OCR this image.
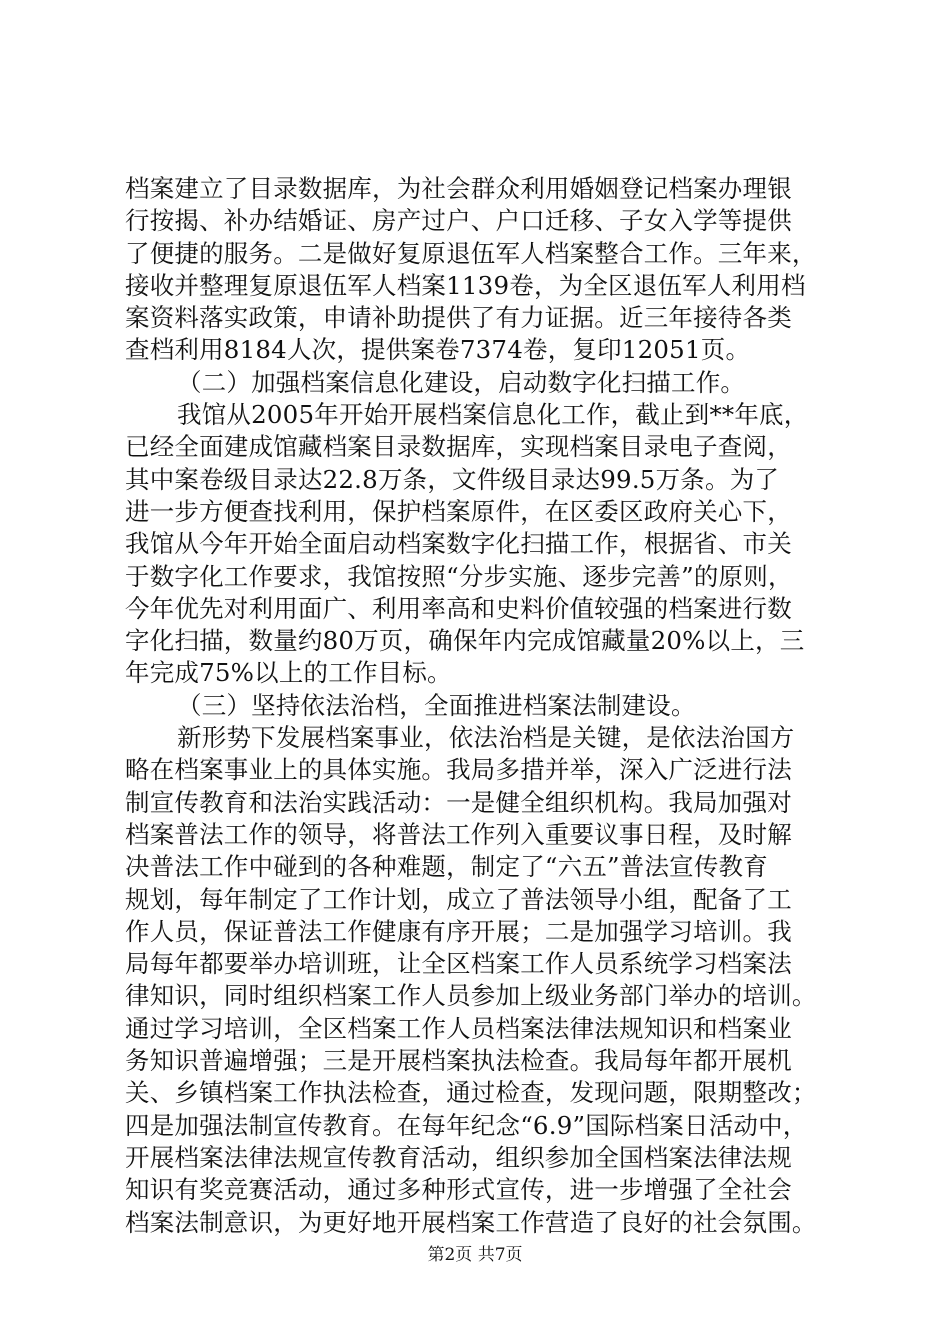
档案建立了目录数据库，为社会群众利用婚姻登记档案办理银
行按揭、补办结婚证、房产过户、户口迁移、子女入学等提供
了便捷的服务。二是做好复原退伍军人档案整合工作。三年来，
接收并整理复原退伍军人档案1139卷，为全区退伍军人利用档
案资料落实政策，申请补助提供了有力证据。近三年接待各类
查档利用8184人次，提供案卷7374卷，复印12051页。
（二）加强档案信息化建设，启动数字化扫描工作。
我馆从2005年开始开展档案信息化工作，截止到**年底，
已经全面建成馆藏档案目录数据库，实现档案目录电子查阅，
其中案卷级目录达22.8万条，文件级目录达99.5万条。为了
进一步方便查找利用，保护档案原件，在区委区政府关心下，
我馆从今年开始全面启动档案数字化扫描工作，根据省、市关
于数字化工作要求，我馆按照“分步实施、逐步完善”的原则，
今年优先对利用面广、利用率高和史料价值较强的档案进行数
字化扫描，数量约80万页，确保年内完成馆藏量20%以上，三
年完成75%以上的工作目标。
（三）坚持依法治档，全面推进档案法制建设。
新形势下发展档案事业，依法治档是关键，是依法治国方
略在档案事业上的具体实施。我局多措并举，深入广泛进行法
制宣传教育和法治实践活动：一是健全组织机构。我局加强对
档案普法工作的领导，将普法工作列入重要议事日程，及时解
决普法工作中碰到的各种难题，制定了“六五”普法宣传教育
规划，每年制定了工作计划，成立了普法领导小组，配备了工
作人员，保证普法工作健康有序开展；二是加强学习培训。我
局每年都要举办培训班，让全区档案工作人员系统学习档案法
律知识，同时组织档案工作人员参加上级业务部门举办的培训。
通过学习培训，全区档案工作人员档案法律法规知识和档案业
务知识普遍增强；三是开展档案执法检查。我局每年都开展机
关、乡镇档案工作执法检查，通过检查，发现问题，限期整改；
四是加强法制宣传教育。在每年纪念“6.9”国际档案日活动中，
开展档案法律法规宣传教育活动，组织参加全国档案法律法规
知识有奖竞赛活动，通过多种形式宣传，进一步增强了全社会
档案法制意识，为更好地开展档案工作营造了良好的社会氛围。
第2页 共7页
